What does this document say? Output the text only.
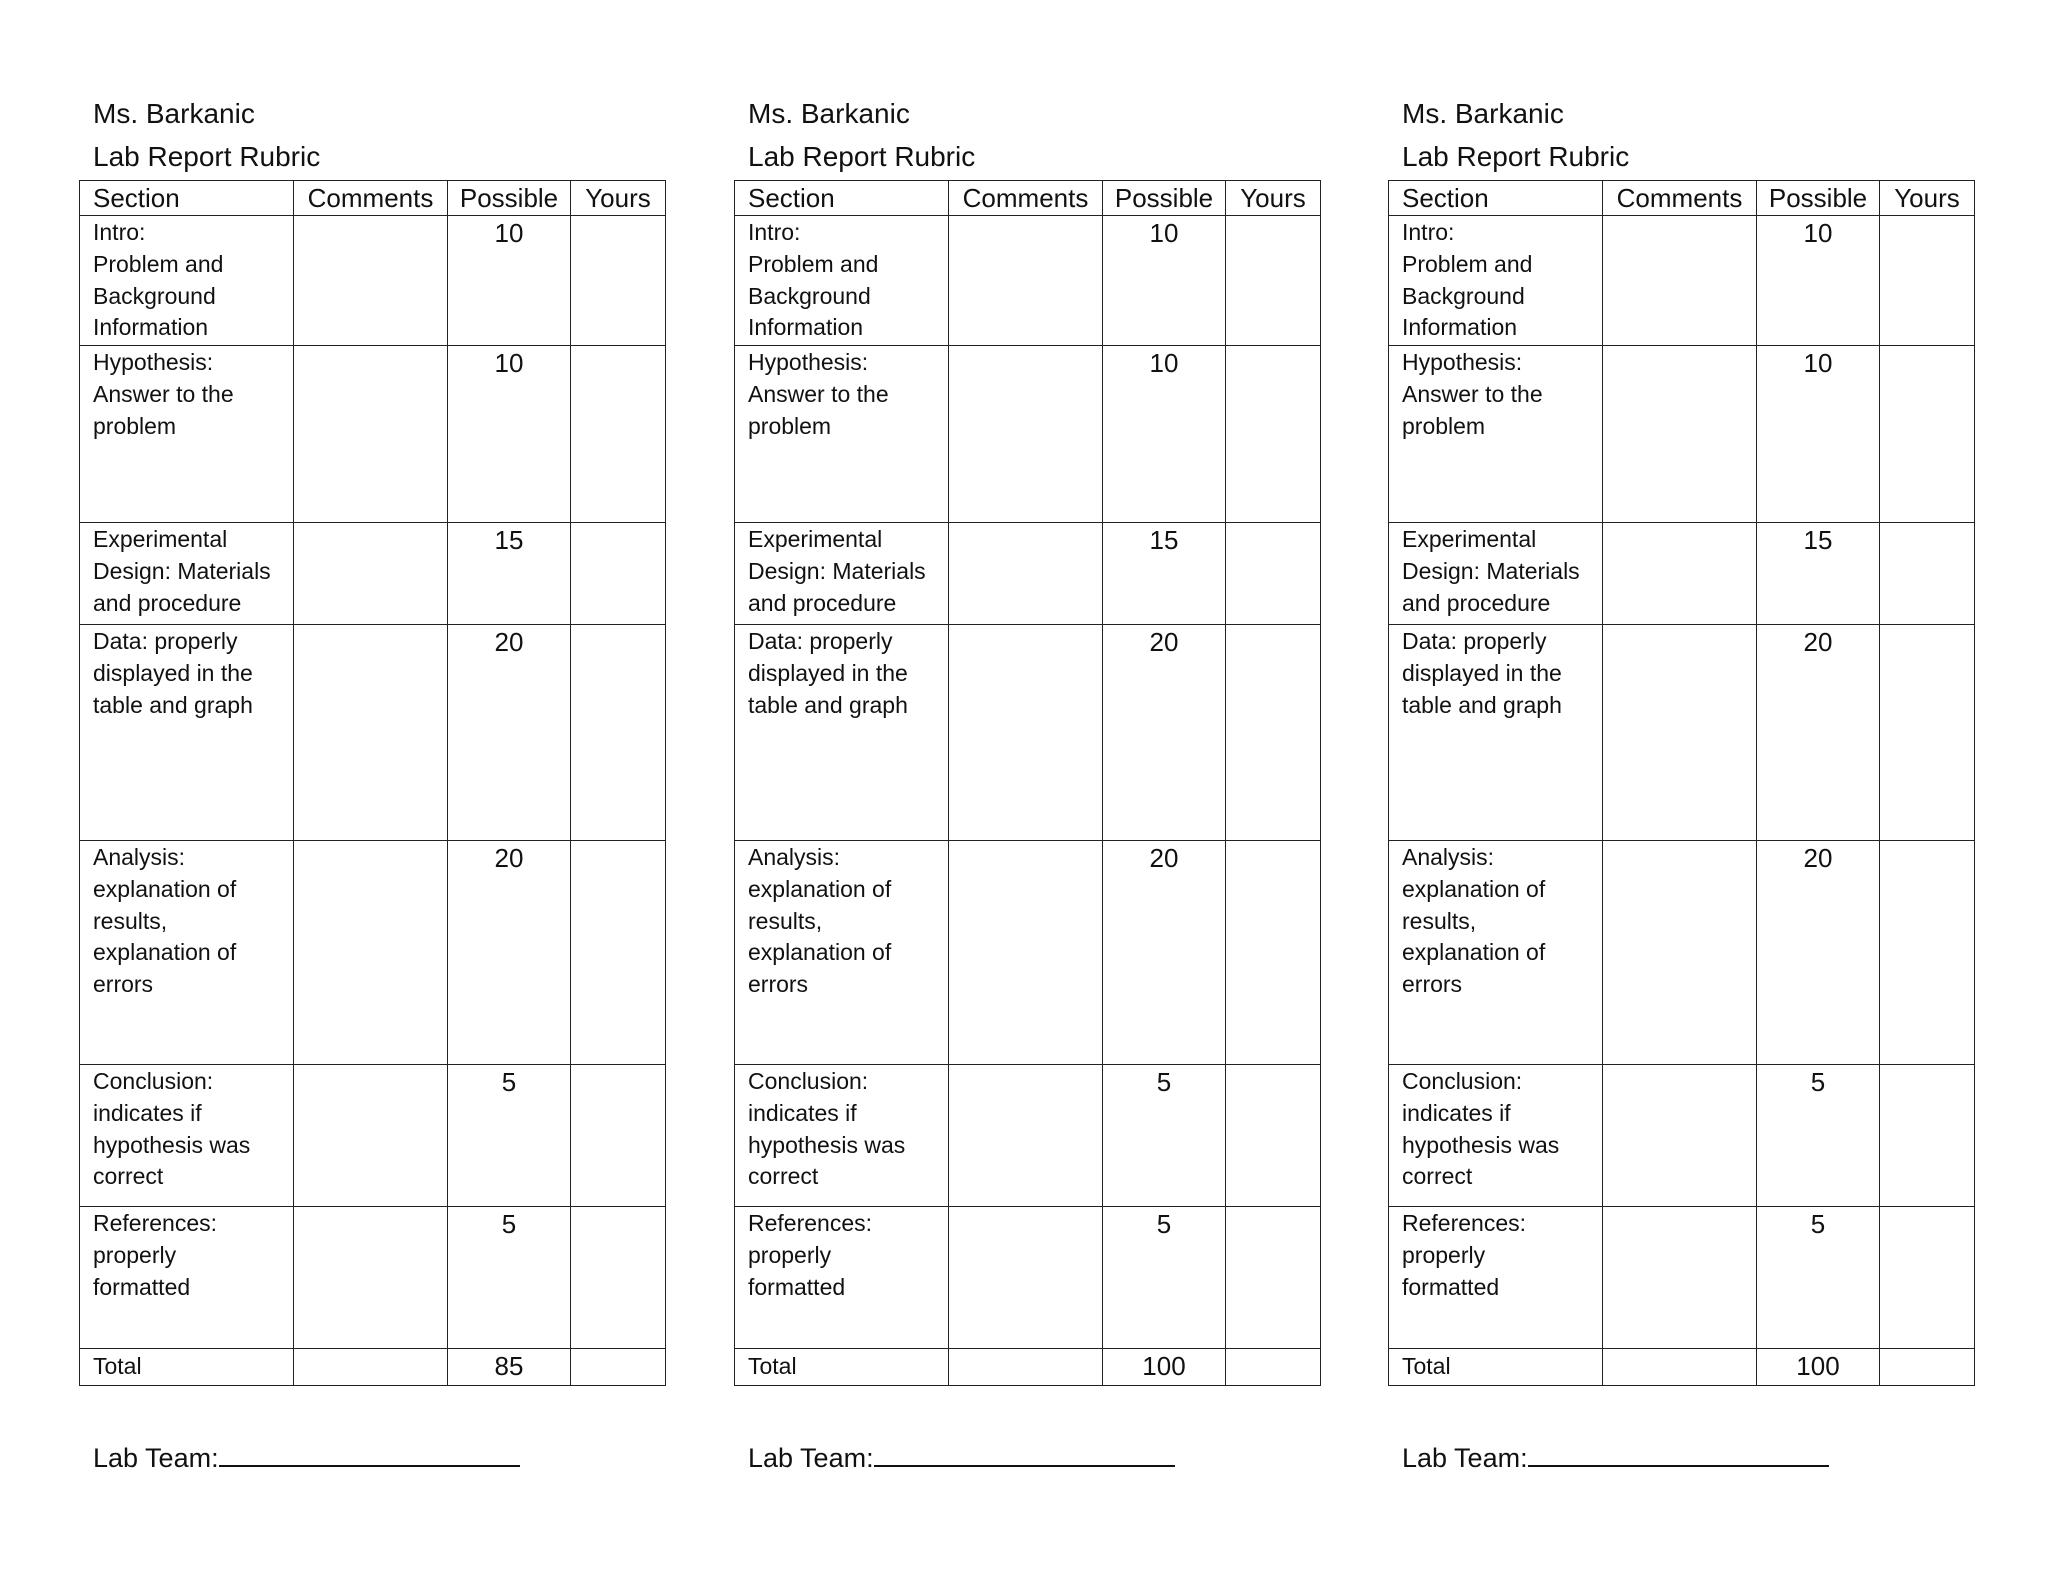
Ms. Barkanic
Lab Report Rubric
Section	Comments	Possible	Yours

Intro:
Problem and
Background
Information		10	

Hypothesis:
Answer to the
problem		10	

Experimental
Design: Materials
and procedure		15	

Data: properly
displayed in the
table and graph		20	

Analysis:
explanation of
results,
explanation of
errors		20	

Conclusion:
indicates if
hypothesis was
correct		5	

References:
properly
formatted		5	
Total		85	
Lab Team:
Ms. Barkanic
Lab Report Rubric
Section	Comments	Possible	Yours

Intro:
Problem and
Background
Information		10	

Hypothesis:
Answer to the
problem		10	

Experimental
Design: Materials
and procedure		15	

Data: properly
displayed in the
table and graph		20	

Analysis:
explanation of
results,
explanation of
errors		20	

Conclusion:
indicates if
hypothesis was
correct		5	

References:
properly
formatted		5	
Total		100	
Lab Team:
Ms. Barkanic
Lab Report Rubric
Section	Comments	Possible	Yours

Intro:
Problem and
Background
Information		10	

Hypothesis:
Answer to the
problem		10	

Experimental
Design: Materials
and procedure		15	

Data: properly
displayed in the
table and graph		20	

Analysis:
explanation of
results,
explanation of
errors		20	

Conclusion:
indicates if
hypothesis was
correct		5	

References:
properly
formatted		5	
Total		100	
Lab Team:
